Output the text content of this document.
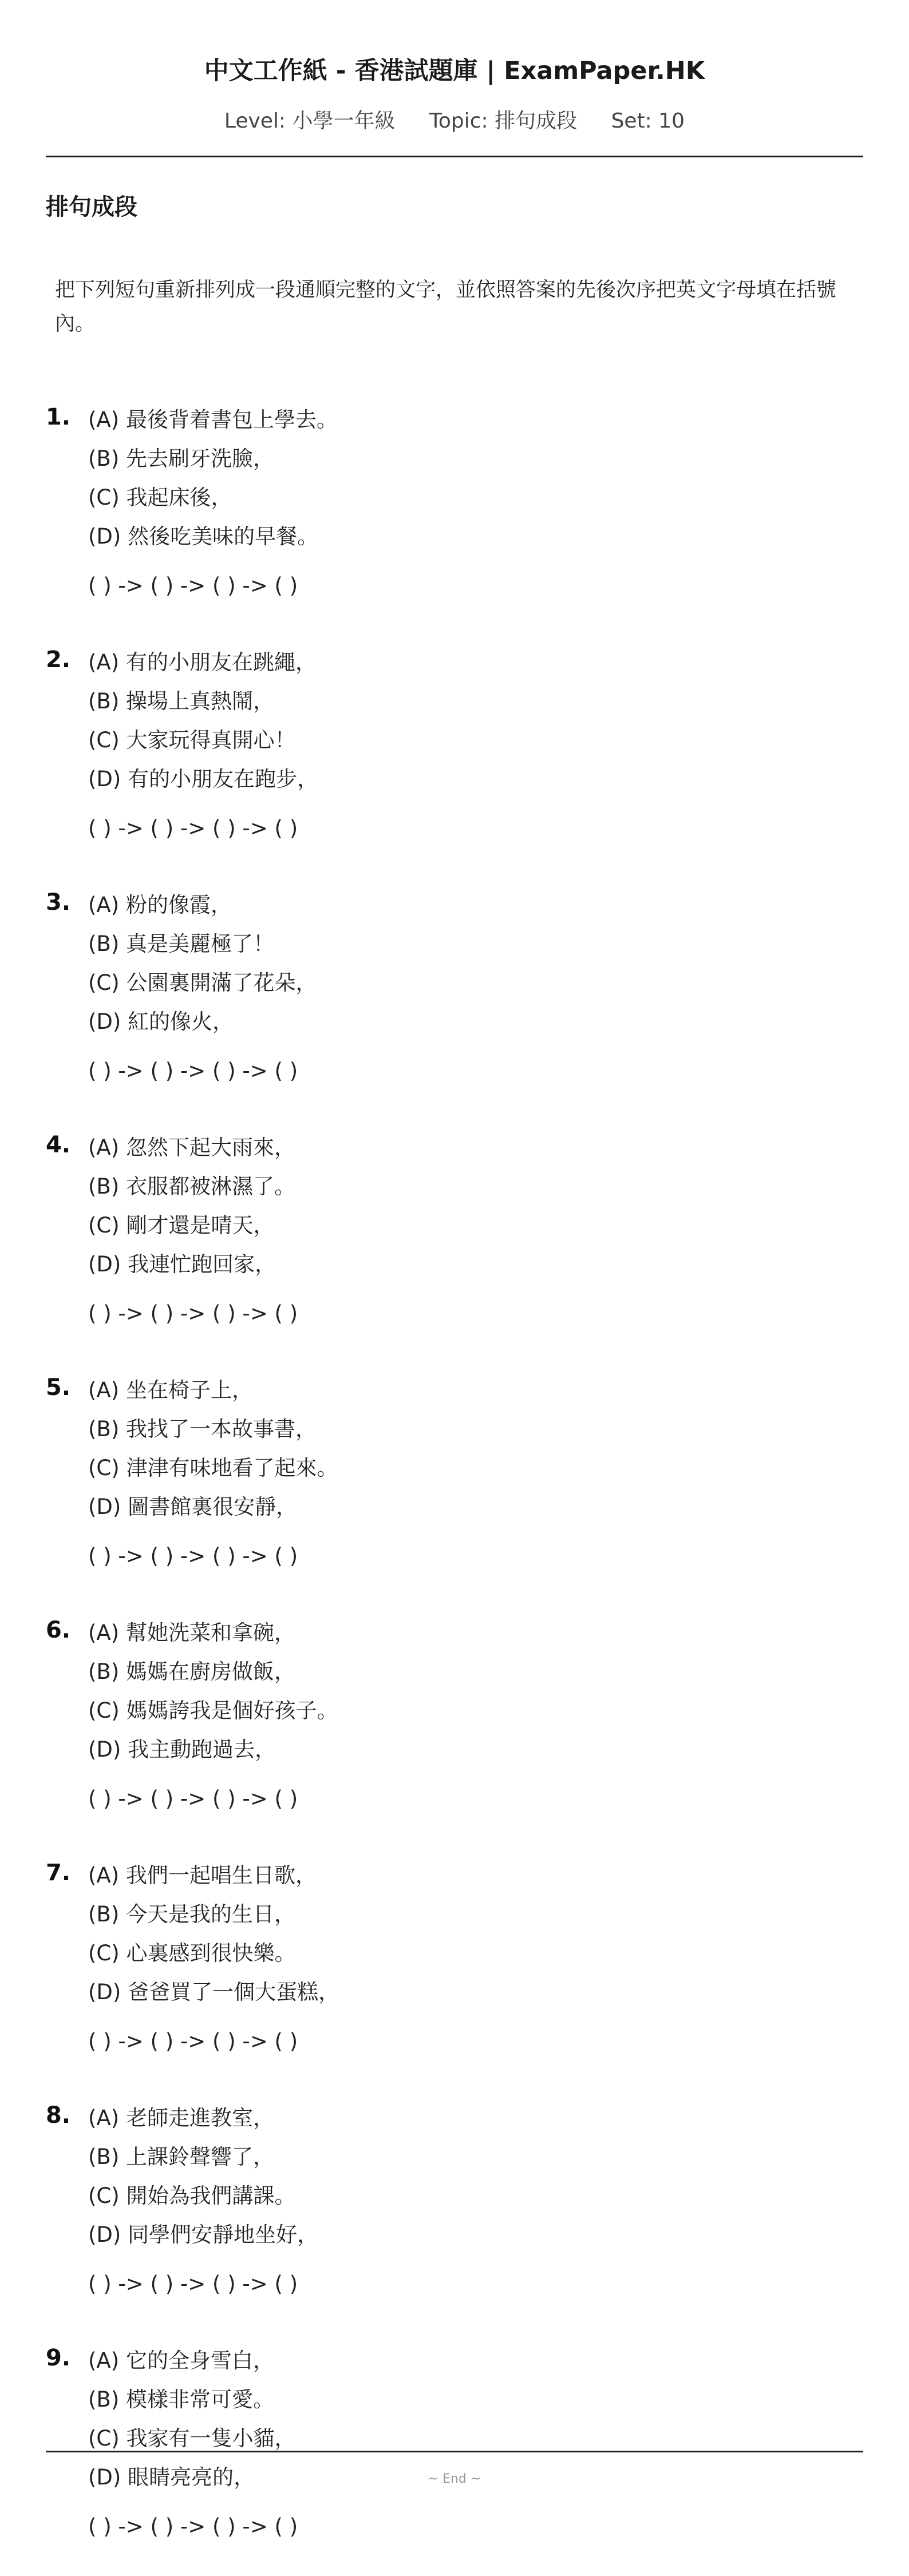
中文工作紙 - 香港試題庫 | ExamPaper.HK
Level: 小學一年級 Topic: 排句成段 Set: 10
排句成段
把下列短句重新排列成一段通順完整的文字，並依照答案的先後次序把英文字母填在括號內。
1. (A) 最後背着書包上學去。
(B) 先去刷牙洗臉，
(C) 我起床後，
(D) 然後吃美味的早餐。
( ) -> ( ) -> ( ) -> ( )
2. (A) 有的小朋友在跳繩，
(B) 操場上真熱鬧，
(C) 大家玩得真開心！
(D) 有的小朋友在跑步，
( ) -> ( ) -> ( ) -> ( )
3. (A) 粉的像霞，
(B) 真是美麗極了！
(C) 公園裏開滿了花朵，
(D) 紅的像火，
( ) -> ( ) -> ( ) -> ( )
4. (A) 忽然下起大雨來，
(B) 衣服都被淋濕了。
(C) 剛才還是晴天，
(D) 我連忙跑回家，
( ) -> ( ) -> ( ) -> ( )
5. (A) 坐在椅子上，
(B) 我找了一本故事書，
(C) 津津有味地看了起來。
(D) 圖書館裏很安靜，
( ) -> ( ) -> ( ) -> ( )
6. (A) 幫她洗菜和拿碗，
(B) 媽媽在廚房做飯，
(C) 媽媽誇我是個好孩子。
(D) 我主動跑過去，
( ) -> ( ) -> ( ) -> ( )
7. (A) 我們一起唱生日歌，
(B) 今天是我的生日，
(C) 心裏感到很快樂。
(D) 爸爸買了一個大蛋糕，
( ) -> ( ) -> ( ) -> ( )
8. (A) 老師走進教室，
(B) 上課鈴聲響了，
(C) 開始為我們講課。
(D) 同學們安靜地坐好，
( ) -> ( ) -> ( ) -> ( )
9. (A) 它的全身雪白，
(B) 模樣非常可愛。
(C) 我家有一隻小貓，
(D) 眼睛亮亮的，
( ) -> ( ) -> ( ) -> ( )
~ End ~
